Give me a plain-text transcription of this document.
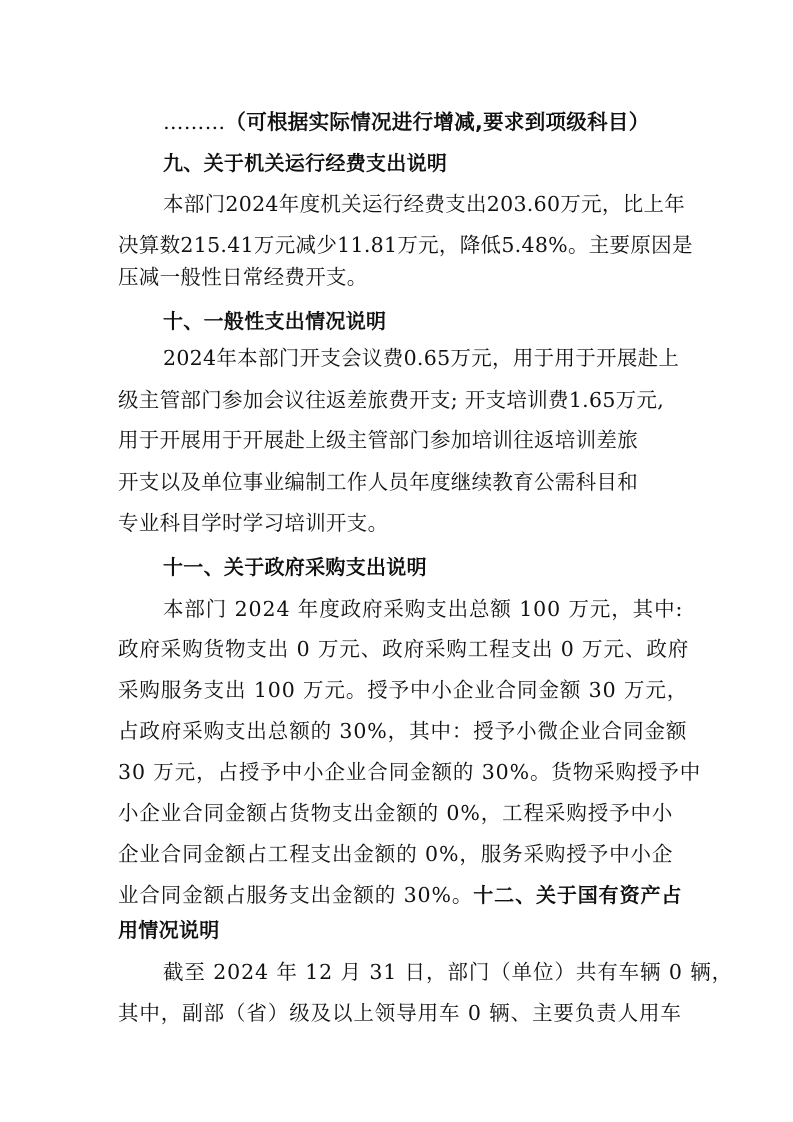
………（可根据实际情况进行增减,要求到项级科目）
九、关于机关运行经费支出说明
本部门2024年度机关运行经费支出203.60万元，比上年
决算数215.41万元减少11.81万元，降低5.48%。主要原因是
压减一般性日常经费开支。
十、一般性支出情况说明
2024年本部门开支会议费0.65万元，用于用于开展赴上
级主管部门参加会议往返差旅费开支; 开支培训费1.65万元,
用于开展用于开展赴上级主管部门参加培训往返培训差旅
开支以及单位事业编制工作人员年度继续教育公需科目和
专业科目学时学习培训开支。
十一、关于政府采购支出说明
本部门 2024 年度政府采购支出总额 100 万元，其中:
政府采购货物支出 0 万元、政府采购工程支出 0 万元、政府
采购服务支出 100 万元。授予中小企业合同金额 30 万元，
占政府采购支出总额的 30%，其中：授予小微企业合同金额
30 万元，占授予中小企业合同金额的 30%。货物采购授予中
小企业合同金额占货物支出金额的 0%，工程采购授予中小
企业合同金额占工程支出金额的 0%，服务采购授予中小企
业合同金额占服务支出金额的 30%。十二、关于国有资产占
用情况说明
截至 2024 年 12 月 31 日，部门（单位）共有车辆 0 辆，
其中，副部（省）级及以上领导用车 0 辆、主要负责人用车
